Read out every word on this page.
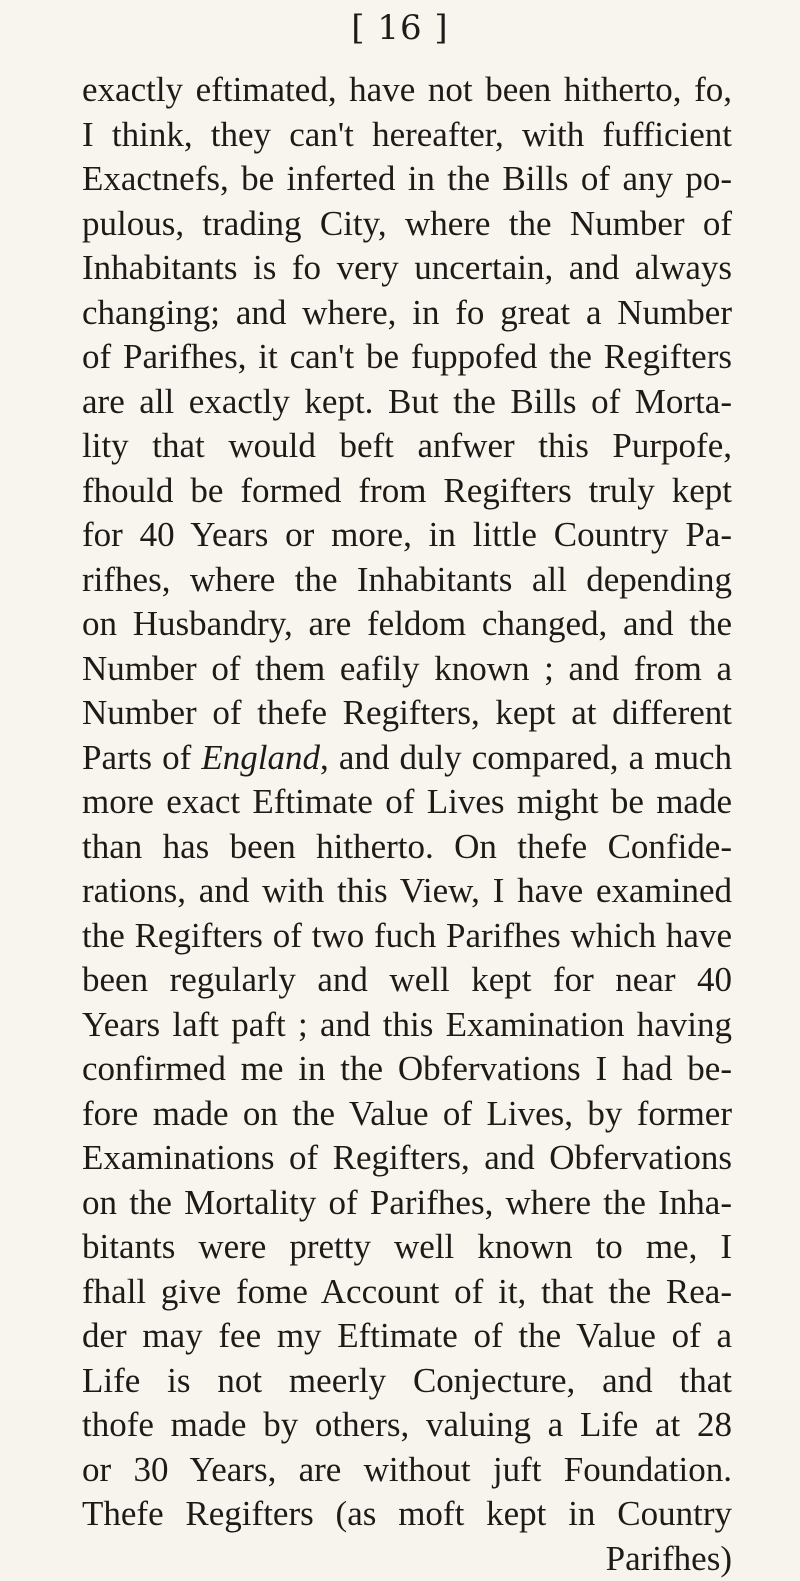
[ 16 ]
exactly eftimated, have not been hitherto, fo,
I think, they can't hereafter, with fufficient
Exactnefs, be inferted in the Bills of any po-
pulous, trading City, where the Number of
Inhabitants is fo very uncertain, and always
changing; and where, in fo great a Number
of Parifhes, it can't be fuppofed the Regifters
are all exactly kept. But the Bills of Morta-
lity that would beft anfwer this Purpofe,
fhould be formed from Regifters truly kept
for 40 Years or more, in little Country Pa-
rifhes, where the Inhabitants all depending
on Husbandry, are feldom changed, and the
Number of them eafily known ; and from a
Number of thefe Regifters, kept at different
Parts of England, and duly compared, a much
more exact Eftimate of Lives might be made
than has been hitherto. On thefe Confide-
rations, and with this View, I have examined
the Regifters of two fuch Parifhes which have
been regularly and well kept for near 40
Years laft paft ; and this Examination having
confirmed me in the Obfervations I had be-
fore made on the Value of Lives, by former
Examinations of Regifters, and Obfervations
on the Mortality of Parifhes, where the Inha-
bitants were pretty well known to me, I
fhall give fome Account of it, that the Rea-
der may fee my Eftimate of the Value of a
Life is not meerly Conjecture, and that
thofe made by others, valuing a Life at 28
or 30 Years, are without juft Foundation.
Thefe Regifters (as moft kept in Country
Parifhes)
